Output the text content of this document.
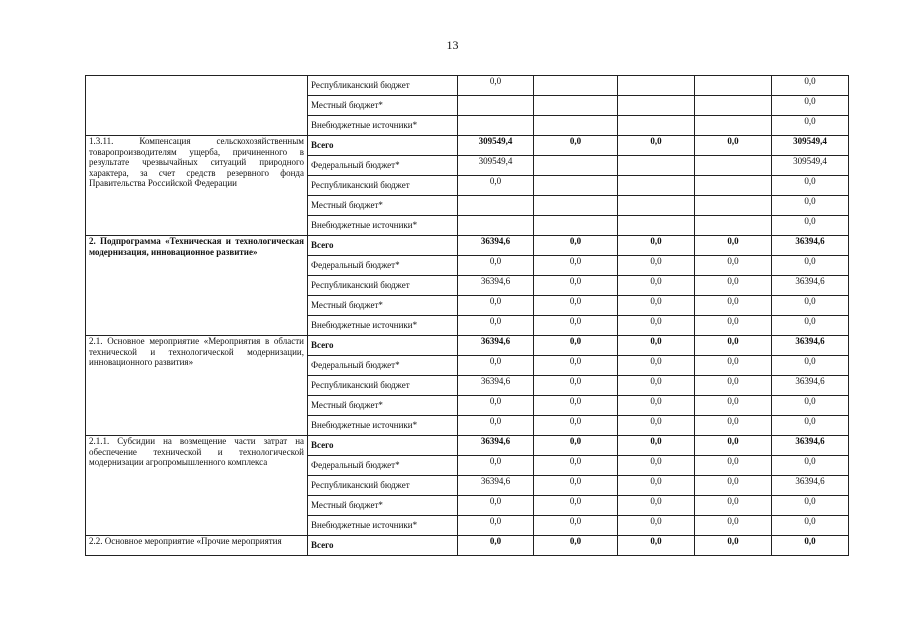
13
	Республиканский бюджет	0,0				0,0
	Местный бюджет*					0,0
	Внебюджетные источники*					0,0

1.3.11. Компенсация сельскохозяйственным товаропроизводителям ущерба, причиненного в результате чрезвычайных ситуаций природного характера, за счет средств резервного фонда Правительства Российской Федерации	Всего	309549,4	0,0	0,0	0,0	309549,4
	Федеральный бюджет*	309549,4				309549,4
	Республиканский бюджет	0,0				0,0
	Местный бюджет*					0,0
	Внебюджетные источники*					0,0

2. Подпрограмма «Техническая и технологическая модернизация, инновационное развитие»	Всего	36394,6	0,0	0,0	0,0	36394,6
	Федеральный бюджет*	0,0	0,0	0,0	0,0	0,0
	Республиканский бюджет	36394,6	0,0	0,0	0,0	36394,6
	Местный бюджет*	0,0	0,0	0,0	0,0	0,0
	Внебюджетные источники*	0,0	0,0	0,0	0,0	0,0

2.1. Основное мероприятие «Мероприятия в области технической и технологической модернизации, инновационного развития»	Всего	36394,6	0,0	0,0	0,0	36394,6
	Федеральный бюджет*	0,0	0,0	0,0	0,0	0,0
	Республиканский бюджет	36394,6	0,0	0,0	0,0	36394,6
	Местный бюджет*	0,0	0,0	0,0	0,0	0,0
	Внебюджетные источники*	0,0	0,0	0,0	0,0	0,0

2.1.1. Субсидии на возмещение части затрат на обеспечение технической и технологической модернизации агропромышленного комплекса	Всего	36394,6	0,0	0,0	0,0	36394,6
	Федеральный бюджет*	0,0	0,0	0,0	0,0	0,0
	Республиканский бюджет	36394,6	0,0	0,0	0,0	36394,6
	Местный бюджет*	0,0	0,0	0,0	0,0	0,0
	Внебюджетные источники*	0,0	0,0	0,0	0,0	0,0

2.2. Основное мероприятие «Прочие мероприятия	Всего	0,0	0,0	0,0	0,0	0,0
